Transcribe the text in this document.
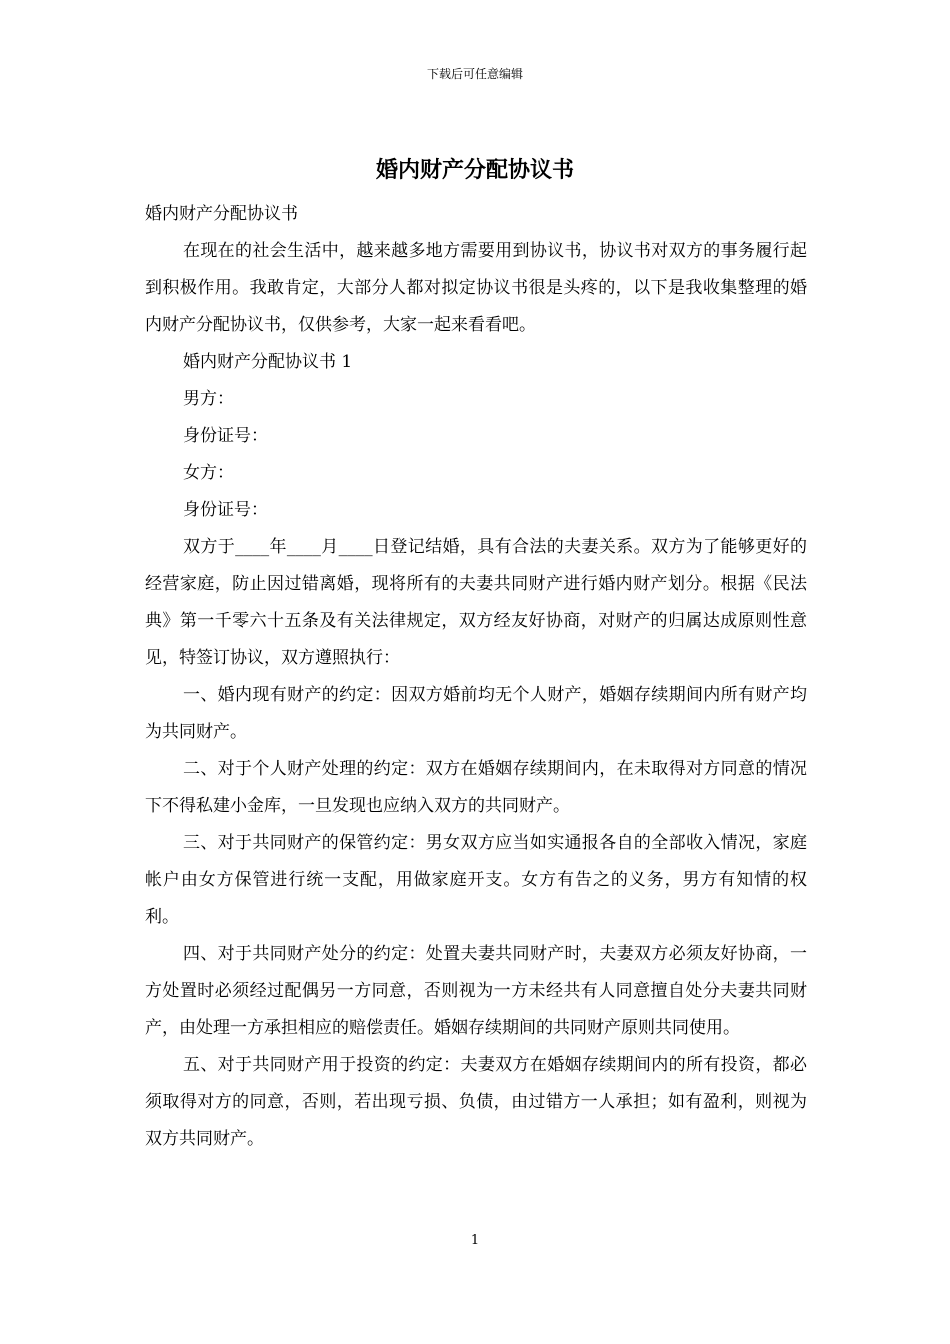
下载后可任意编辑
婚内财产分配协议书

婚内财产分配协议书

在现在的社会生活中，越来越多地方需要用到协议书，协议书对双方的事务履行起到积极作用。我敢肯定，大部分人都对拟定协议书很是头疼的，以下是我收集整理的婚内财产分配协议书，仅供参考，大家一起来看看吧。

婚内财产分配协议书 1

男方：

身份证号：

女方：

身份证号：

双方于____年____月____日登记结婚，具有合法的夫妻关系。双方为了能够更好的经营家庭，防止因过错离婚，现将所有的夫妻共同财产进行婚内财产划分。根据《民法典》第一千零六十五条及有关法律规定，双方经友好协商，对财产的归属达成原则性意见，特签订协议，双方遵照执行：

一、婚内现有财产的约定：因双方婚前均无个人财产，婚姻存续期间内所有财产均为共同财产。

二、对于个人财产处理的约定：双方在婚姻存续期间内，在未取得对方同意的情况下不得私建小金库，一旦发现也应纳入双方的共同财产。

三、对于共同财产的保管约定：男女双方应当如实通报各自的全部收入情况，家庭帐户由女方保管进行统一支配，用做家庭开支。女方有告之的义务，男方有知情的权利。

四、对于共同财产处分的约定：处置夫妻共同财产时，夫妻双方必须友好协商，一方处置时必须经过配偶另一方同意，否则视为一方未经共有人同意擅自处分夫妻共同财产，由处理一方承担相应的赔偿责任。婚姻存续期间的共同财产原则共同使用。

五、对于共同财产用于投资的约定：夫妻双方在婚姻存续期间内的所有投资，都必须取得对方的同意，否则，若出现亏损、负债，由过错方一人承担；如有盈利，则视为双方共同财产。

1
